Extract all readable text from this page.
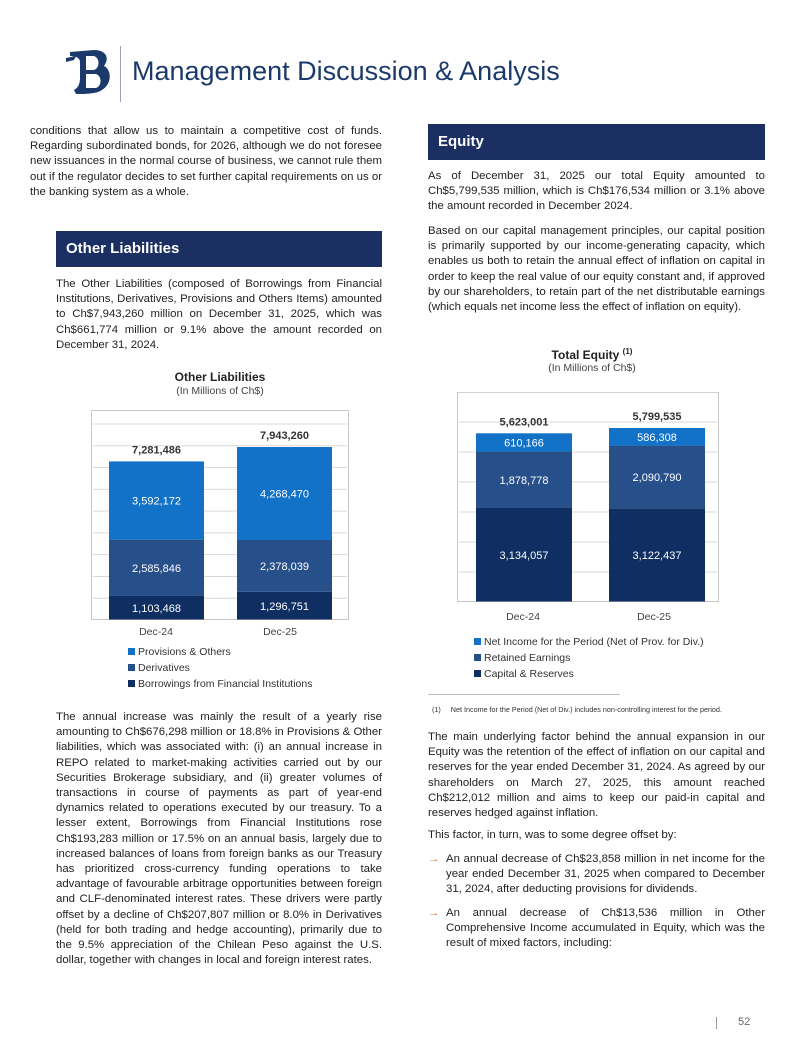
Management Discussion & Analysis

conditions that allow us to maintain a competitive cost of funds. Regarding subordinated bonds, for 2026, although we do not foresee new issuances in the normal course of business, we cannot rule them out if the regulator decides to set further capital requirements on us or the banking system as a whole.

Other Liabilities

The Other Liabilities (composed of Borrowings from Financial Institutions, Derivatives, Provisions and Others Items) amounted to Ch$7,943,260 million on December 31, 2025, which was Ch$661,774 million or 9.1% above the amount recorded on December 31, 2024.

Other Liabilities
(In Millions of Ch$)
1,103,468
2,585,846
3,592,172
7,281,486
1,296,751
2,378,039
4,268,470
7,943,260
Dec-24	Dec-25
Provisions & Others
Derivatives
Borrowings from Financial Institutions

The annual increase was mainly the result of a yearly rise amounting to Ch$676,298 million or 18.8% in Provisions & Other liabilities, which was associated with: (i) an annual increase in REPO related to market-making activities carried out by our Securities Brokerage subsidiary, and (ii) greater volumes of transactions in course of payments as part of year-end dynamics related to operations executed by our treasury. To a lesser extent, Borrowings from Financial Institutions rose Ch$193,283 million or 17.5% on an annual basis, largely due to increased balances of loans from foreign banks as our Treasury has prioritized cross-currency funding operations to take advantage of favourable arbitrage opportunities between foreign and CLF-denominated interest rates. These drivers were partly offset by a decline of Ch$207,807 million or 8.0% in Derivatives (held for both trading and hedge accounting), primarily due to the 9.5% appreciation of the Chilean Peso against the U.S. dollar, together with changes in local and foreign interest rates.

Equity

As of December 31, 2025 our total Equity amounted to Ch$5,799,535 million, which is Ch$176,534 million or 3.1% above the amount recorded in December 2024.

Based on our capital management principles, our capital position is primarily supported by our income-generating capacity, which enables us both to retain the annual effect of inflation on capital in order to keep the real value of our equity constant and, if approved by our shareholders, to retain part of the net distributable earnings (which equals net income less the effect of inflation on equity).

Total Equity $^{(1)}$
(In Millions of Ch$)
3,134,057
1,878,778
610,166
5,623,001
3,122,437
2,090,790
586,308
5,799,535
Dec-24	Dec-25
Net Income for the Period (Net of Prov. for Div.)
Retained Earnings
Capital & Reserves
(1) Net Income for the Period (Net of Div.) includes non-controlling interest for the period.

The main underlying factor behind the annual expansion in our Equity was the retention of the effect of inflation on our capital and reserves for the year ended December 31, 2024. As agreed by our shareholders on March 27, 2025, this amount reached Ch$212,012 million and aims to keep our paid-in capital and reserves hedged against inflation.

This factor, in turn, was to some degree offset by:

→ An annual decrease of Ch$23,858 million in net income for the year ended December 31, 2025 when compared to December 31, 2024, after deducting provisions for dividends.
→ An annual decrease of Ch$13,536 million in Other Comprehensive Income accumulated in Equity, which was the result of mixed factors, including:
52
